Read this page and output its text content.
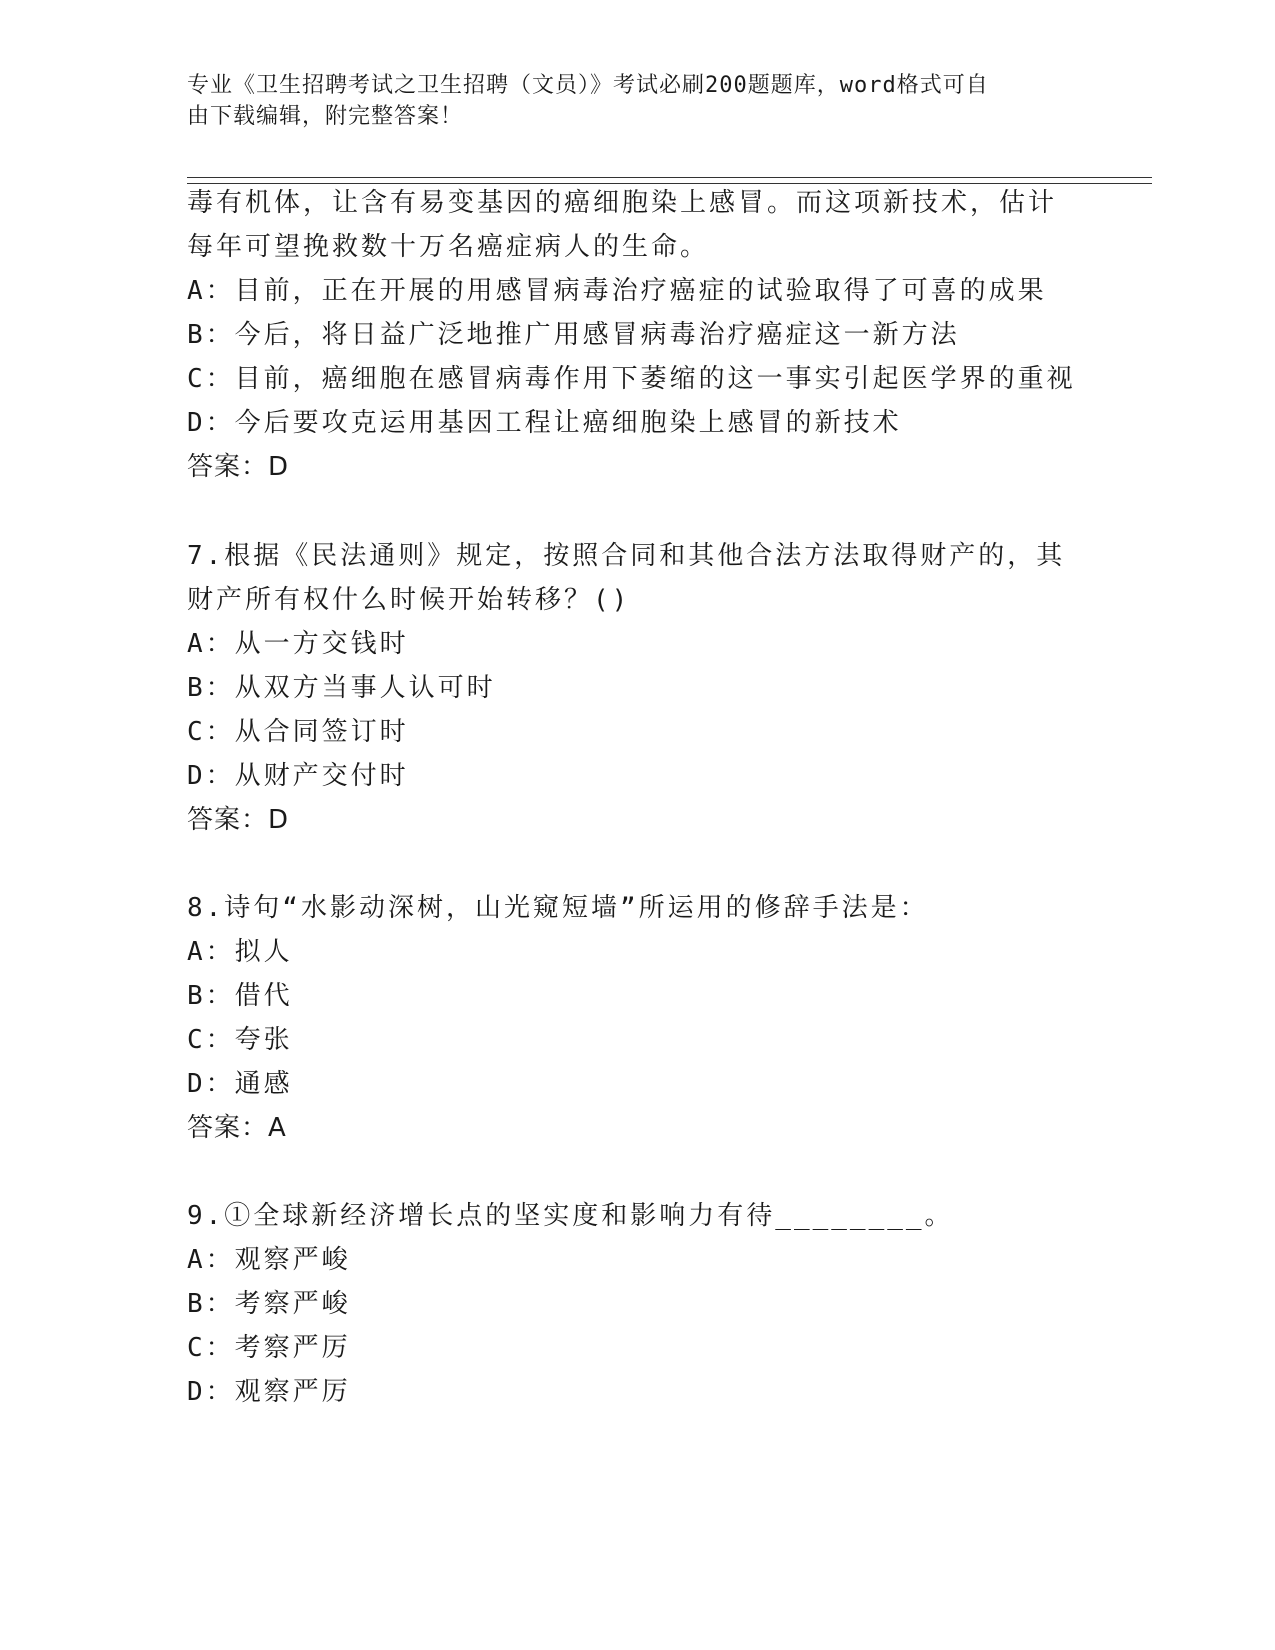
专业《卫生招聘考试之卫生招聘（文员）》考试必刷200题题库，word格式可自
由下载编辑，附完整答案！
毒有机体，让含有易变基因的癌细胞染上感冒。而这项新技术，估计
每年可望挽救数十万名癌症病人的生命。
A：目前，正在开展的用感冒病毒治疗癌症的试验取得了可喜的成果
B：今后，将日益广泛地推广用感冒病毒治疗癌症这一新方法
C：目前，癌细胞在感冒病毒作用下萎缩的这一事实引起医学界的重视
D：今后要攻克运用基因工程让癌细胞染上感冒的新技术
答案：D
7.根据《民法通则》规定，按照合同和其他合法方法取得财产的，其
财产所有权什么时候开始转移？()
A：从一方交钱时
B：从双方当事人认可时
C：从合同签订时
D：从财产交付时
答案：D
8.诗句“水影动深树，山光窥短墙”所运用的修辞手法是：
A：拟人
B：借代
C：夸张
D：通感
答案：A
9.①全球新经济增长点的坚实度和影响力有待________。
A：观察严峻
B：考察严峻
C：考察严厉
D：观察严厉
